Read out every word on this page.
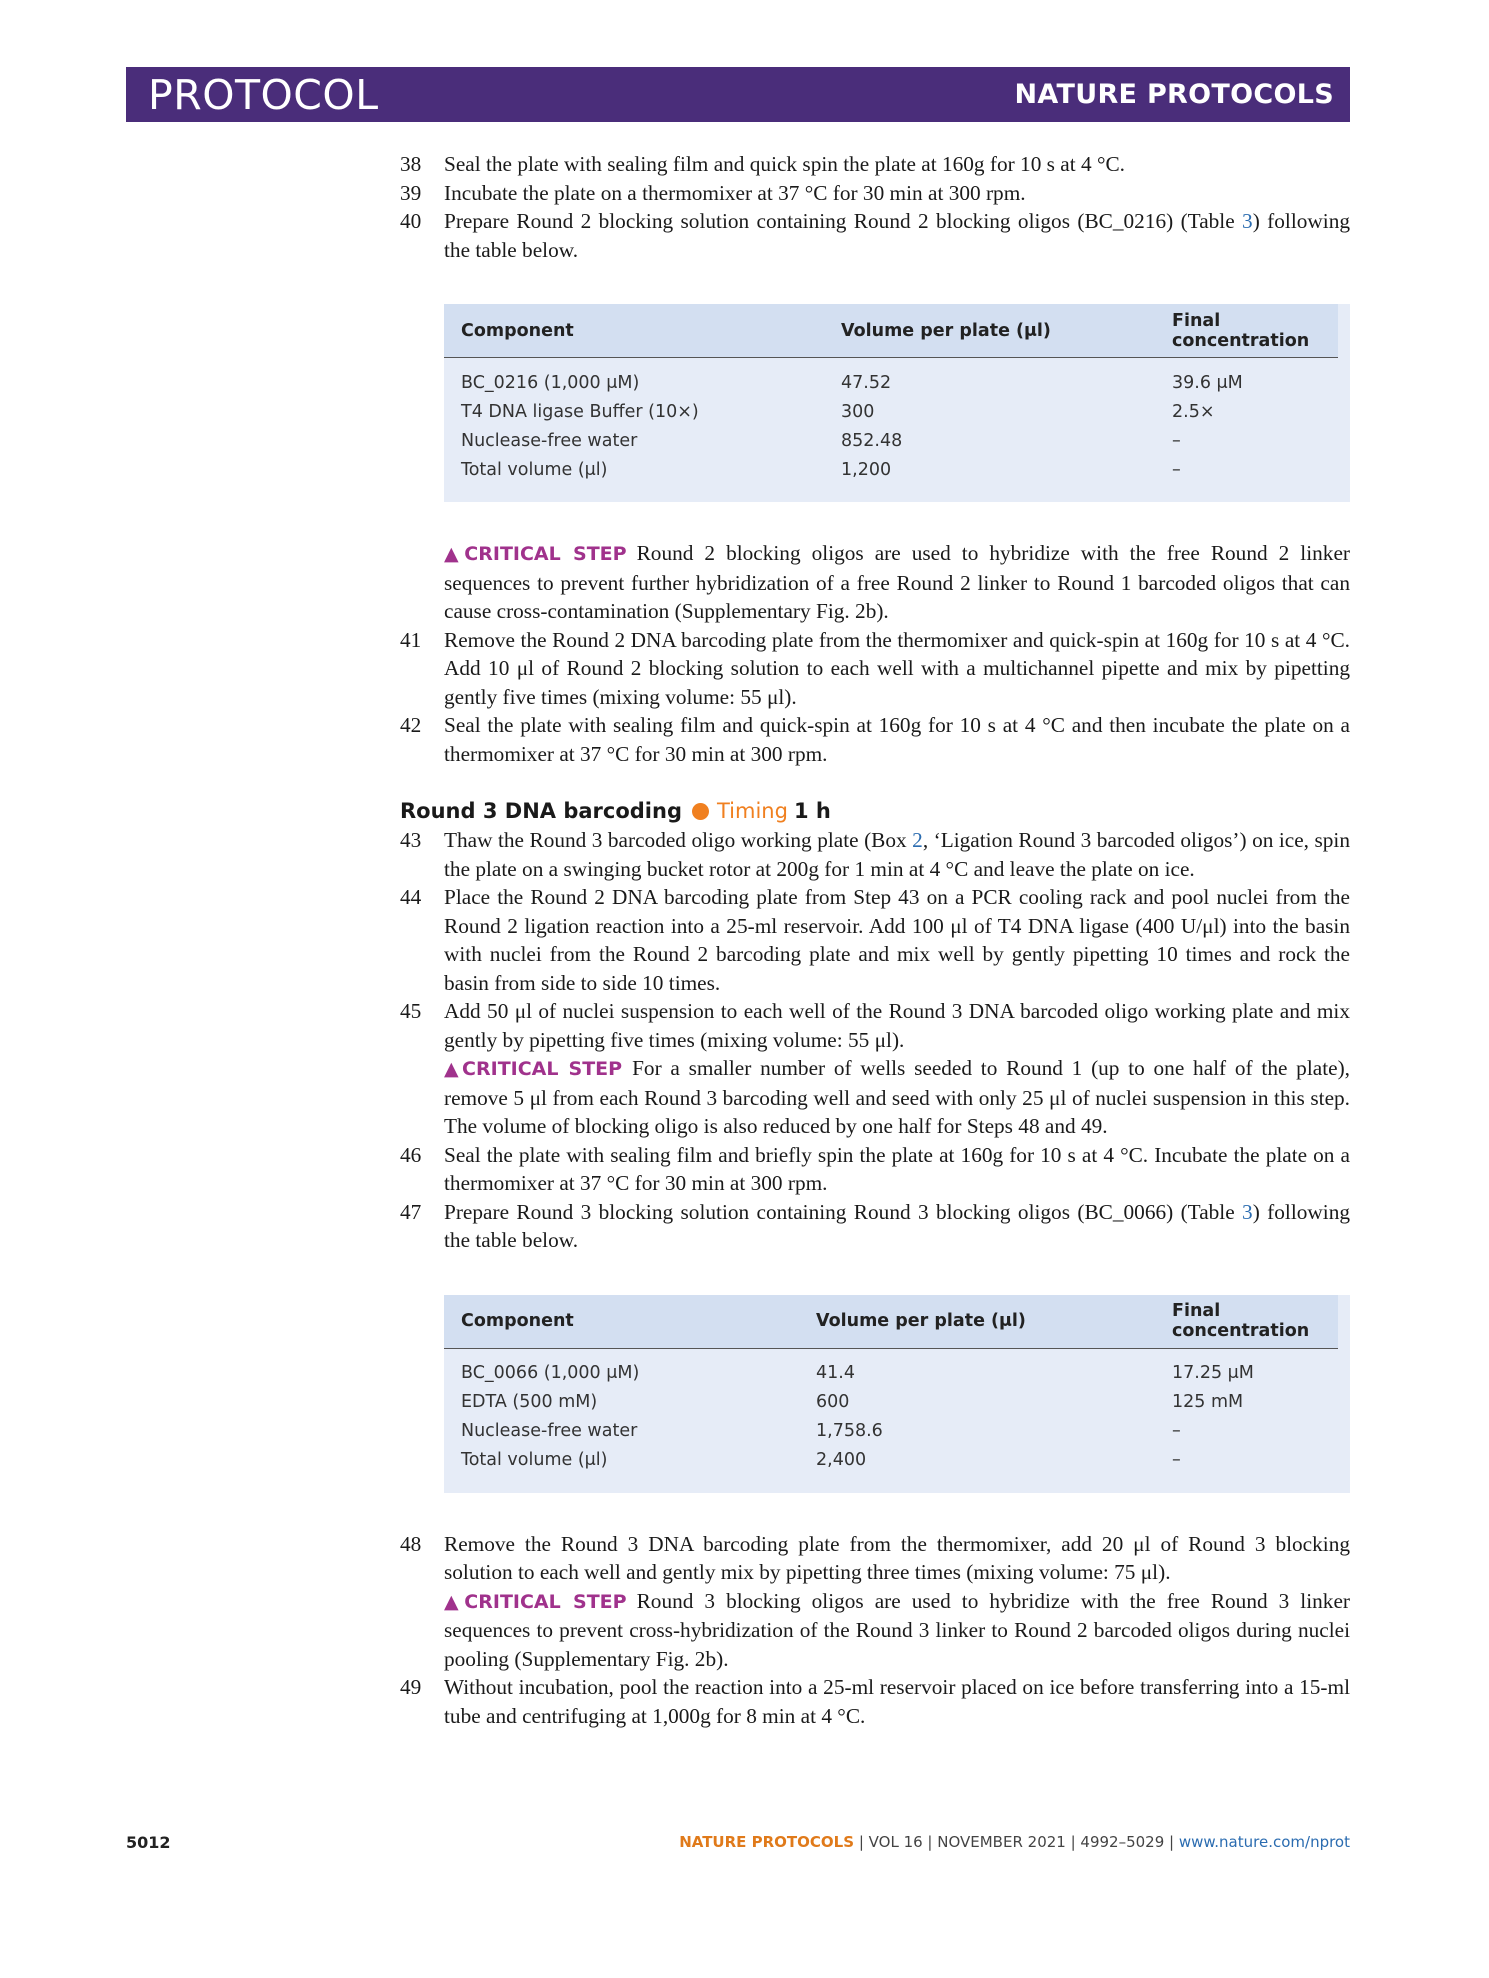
PROTOCOL	NATURE PROTOCOLS
38	Seal the plate with sealing film and quick spin the plate at 160g for 10 s at 4 °C.
39	Incubate the plate on a thermomixer at 37 °C for 30 min at 300 rpm.
40	Prepare Round 2 blocking solution containing Round 2 blocking oligos (BC_0216) (Table 3) following the table below.
Component	Volume per plate (μl)	Final concentration
BC_0216 (1,000 μM)	47.52	39.6 μM
T4 DNA ligase Buffer (10×)	300	2.5×
Nuclease-free water	852.48	–
Total volume (μl)	1,200	–
▲CRITICAL STEP Round 2 blocking oligos are used to hybridize with the free Round 2 linker sequences to prevent further hybridization of a free Round 2 linker to Round 1 barcoded oligos that can cause cross-contamination (Supplementary Fig. 2b).
41	Remove the Round 2 DNA barcoding plate from the thermomixer and quick-spin at 160g for 10 s at 4 °C. Add 10 μl of Round 2 blocking solution to each well with a multichannel pipette and mix by pipetting gently five times (mixing volume: 55 μl).
42	Seal the plate with sealing film and quick-spin at 160g for 10 s at 4 °C and then incubate the plate on a thermomixer at 37 °C for 30 min at 300 rpm.
Round 3 DNA barcoding Timing 1 h
43	Thaw the Round 3 barcoded oligo working plate (Box 2, ‘Ligation Round 3 barcoded oligos’) on ice, spin the plate on a swinging bucket rotor at 200g for 1 min at 4 °C and leave the plate on ice.
44	Place the Round 2 DNA barcoding plate from Step 43 on a PCR cooling rack and pool nuclei from the Round 2 ligation reaction into a 25-ml reservoir. Add 100 μl of T4 DNA ligase (400 U/μl) into the basin with nuclei from the Round 2 barcoding plate and mix well by gently pipetting 10 times and rock the basin from side to side 10 times.
45	Add 50 μl of nuclei suspension to each well of the Round 3 DNA barcoded oligo working plate and mix gently by pipetting five times (mixing volume: 55 μl).
▲CRITICAL STEP For a smaller number of wells seeded to Round 1 (up to one half of the plate), remove 5 μl from each Round 3 barcoding well and seed with only 25 μl of nuclei suspension in this step. The volume of blocking oligo is also reduced by one half for Steps 48 and 49.
46	Seal the plate with sealing film and briefly spin the plate at 160g for 10 s at 4 °C. Incubate the plate on a thermomixer at 37 °C for 30 min at 300 rpm.
47	Prepare Round 3 blocking solution containing Round 3 blocking oligos (BC_0066) (Table 3) following the table below.
Component	Volume per plate (μl)	Final concentration
BC_0066 (1,000 μM)	41.4	17.25 μM
EDTA (500 mM)	600	125 mM
Nuclease-free water	1,758.6	–
Total volume (μl)	2,400	–
48	Remove the Round 3 DNA barcoding plate from the thermomixer, add 20 μl of Round 3 blocking solution to each well and gently mix by pipetting three times (mixing volume: 75 μl).
▲CRITICAL STEP Round 3 blocking oligos are used to hybridize with the free Round 3 linker sequences to prevent cross-hybridization of the Round 3 linker to Round 2 barcoded oligos during nuclei pooling (Supplementary Fig. 2b).
49	Without incubation, pool the reaction into a 25-ml reservoir placed on ice before transferring into a 15-ml tube and centrifuging at 1,000g for 8 min at 4 °C.
5012	NATURE PROTOCOLS | VOL 16 | NOVEMBER 2021 | 4992–5029 | www.nature.com/nprot
